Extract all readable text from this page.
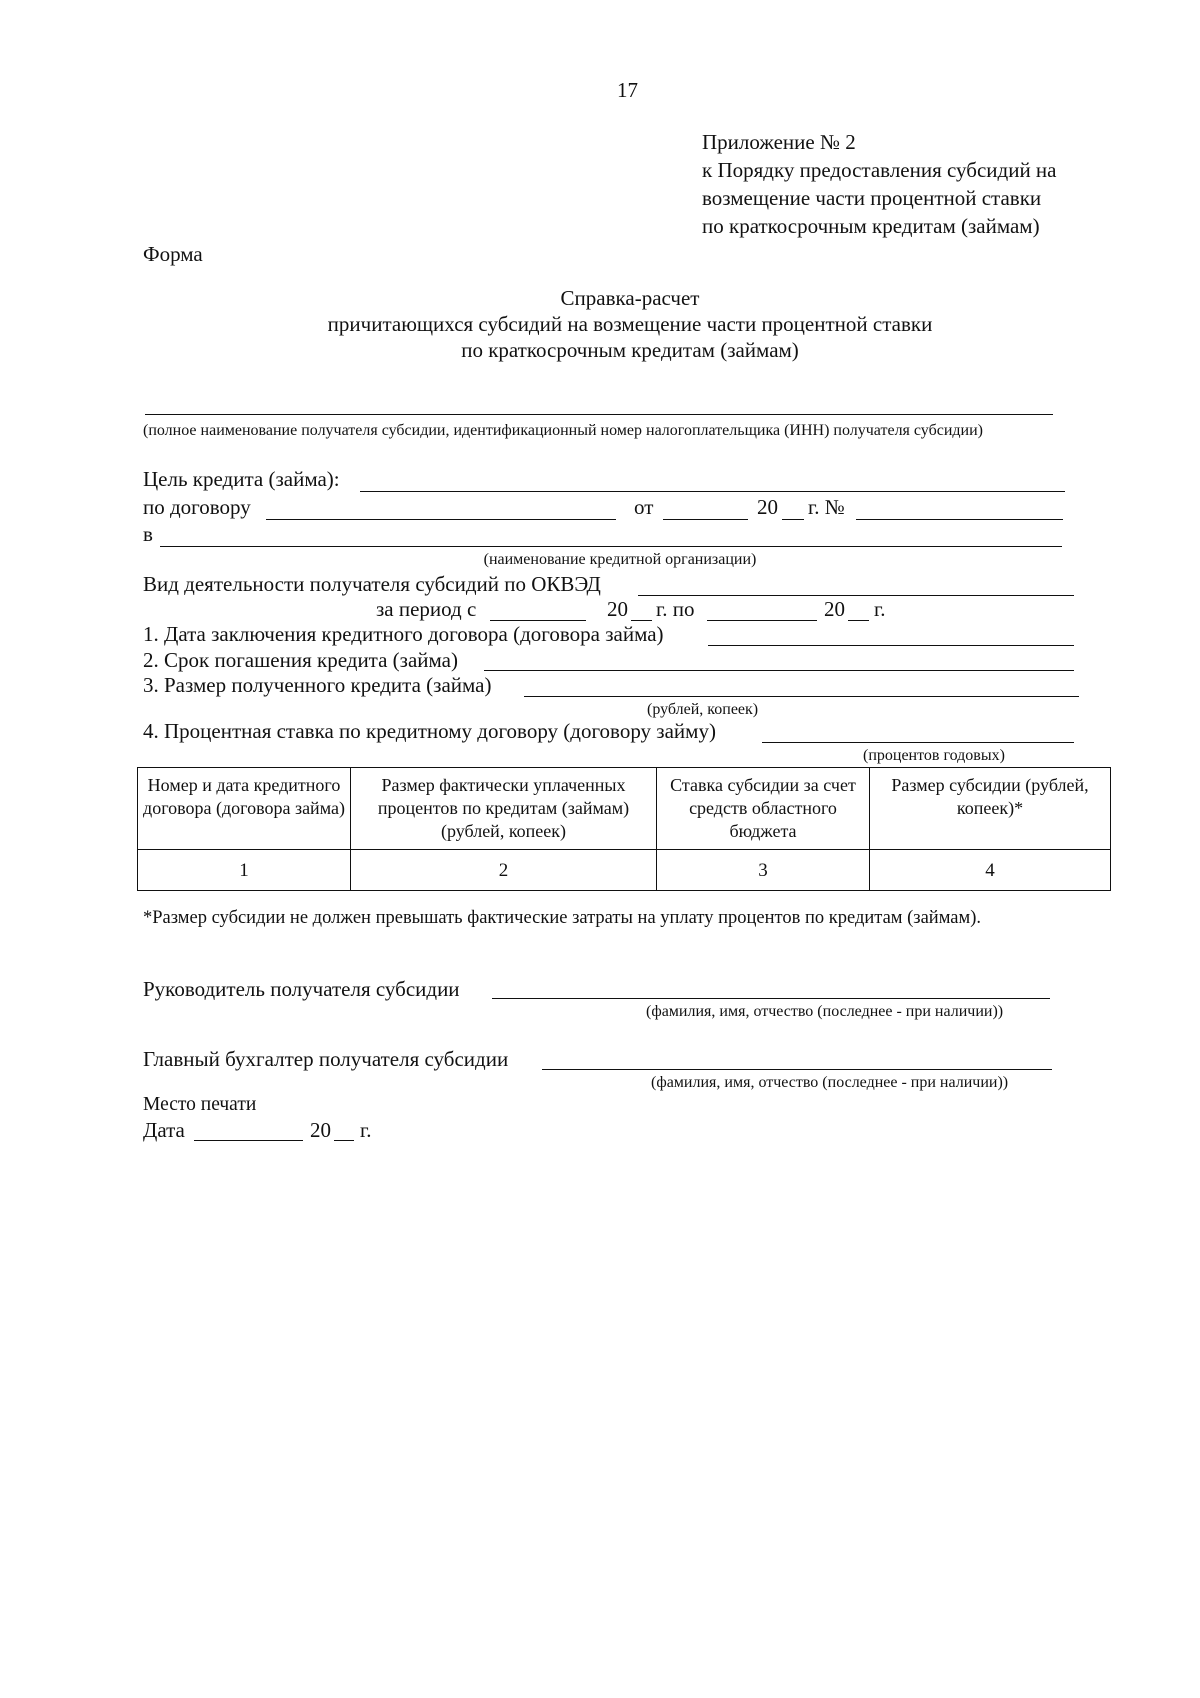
17
Приложение № 2
к Порядку предоставления субсидий на
возмещение части процентной ставки
по краткосрочным кредитам (займам)
Форма
Справка-расчет
причитающихся субсидий на возмещение части процентной ставки
по краткосрочным кредитам (займам)
(полное наименование получателя субсидии, идентификационный номер налогоплательщика (ИНН) получателя субсидии)
Цель кредита (займа):
по договору	от	20 г. №
в
(наименование кредитной организации)
Вид деятельности получателя субсидий по ОКВЭД
за период с	20 г. по	20 г.
1. Дата заключения кредитного договора (договора займа)
2. Срок погашения кредита (займа)
3. Размер полученного кредита (займа)
(рублей, копеек)
4. Процентная ставка по кредитному договору (договору займу)
(процентов годовых)
Номер и дата кредитного договора (договора займа)	Размер фактически уплаченных процентов по кредитам (займам) (рублей, копеек)	Ставка субсидии за счет средств областного бюджета	Размер субсидии (рублей, копеек)*
1	2	3	4
*Размер субсидии не должен превышать фактические затраты на уплату процентов по кредитам (займам).
Руководитель получателя субсидии
(фамилия, имя, отчество (последнее - при наличии))
Главный бухгалтер получателя субсидии
(фамилия, имя, отчество (последнее - при наличии))
Место печати
Дата	20 г.
